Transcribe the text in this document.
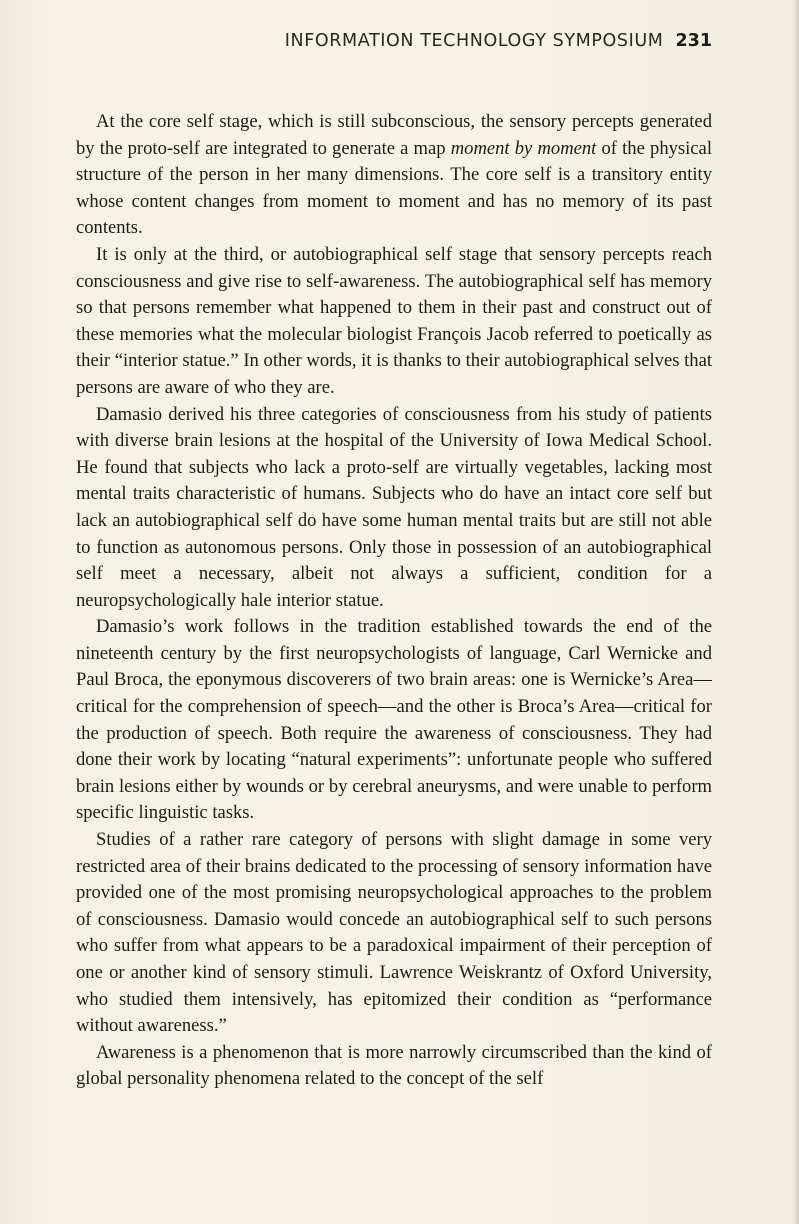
INFORMATION TECHNOLOGY SYMPOSIUM 231

At the core self stage, which is still subconscious, the sensory percepts generated by the proto-self are integrated to generate a map moment by moment of the physical structure of the person in her many dimensions. The core self is a transitory entity whose content changes from moment to moment and has no memory of its past contents.

It is only at the third, or autobiographical self stage that sensory percepts reach consciousness and give rise to self-awareness. The autobiographical self has memory so that persons remember what happened to them in their past and construct out of these memories what the molecular biologist François Jacob referred to poetically as their “interior statue.” In other words, it is thanks to their autobiographical selves that persons are aware of who they are.

Damasio derived his three categories of consciousness from his study of patients with diverse brain lesions at the hospital of the University of Iowa Medical School. He found that subjects who lack a proto-self are virtually vegetables, lacking most mental traits characteristic of humans. Subjects who do have an intact core self but lack an autobiographical self do have some human mental traits but are still not able to function as autonomous persons. Only those in possession of an autobiographical self meet a necessary, albeit not always a sufficient, condition for a neuropsychologically hale interior statue.

Damasio’s work follows in the tradition established towards the end of the nineteenth century by the first neuropsychologists of language, Carl Wernicke and Paul Broca, the eponymous discoverers of two brain areas: one is Wernicke’s Area—critical for the comprehension of speech—and the other is Broca’s Area—critical for the production of speech. Both require the awareness of consciousness. They had done their work by locating “natural experiments”: unfortunate people who suffered brain lesions either by wounds or by cerebral aneurysms, and were unable to perform specific linguistic tasks.

Studies of a rather rare category of persons with slight damage in some very restricted area of their brains dedicated to the processing of sensory information have provided one of the most promising neuropsychological approaches to the problem of consciousness. Damasio would concede an autobiographical self to such persons who suffer from what appears to be a paradoxical impairment of their perception of one or another kind of sensory stimuli. Lawrence Weiskrantz of Oxford University, who studied them intensively, has epitomized their condition as “performance without awareness.”

Awareness is a phenomenon that is more narrowly circumscribed than the kind of global personality phenomena related to the concept of the self
